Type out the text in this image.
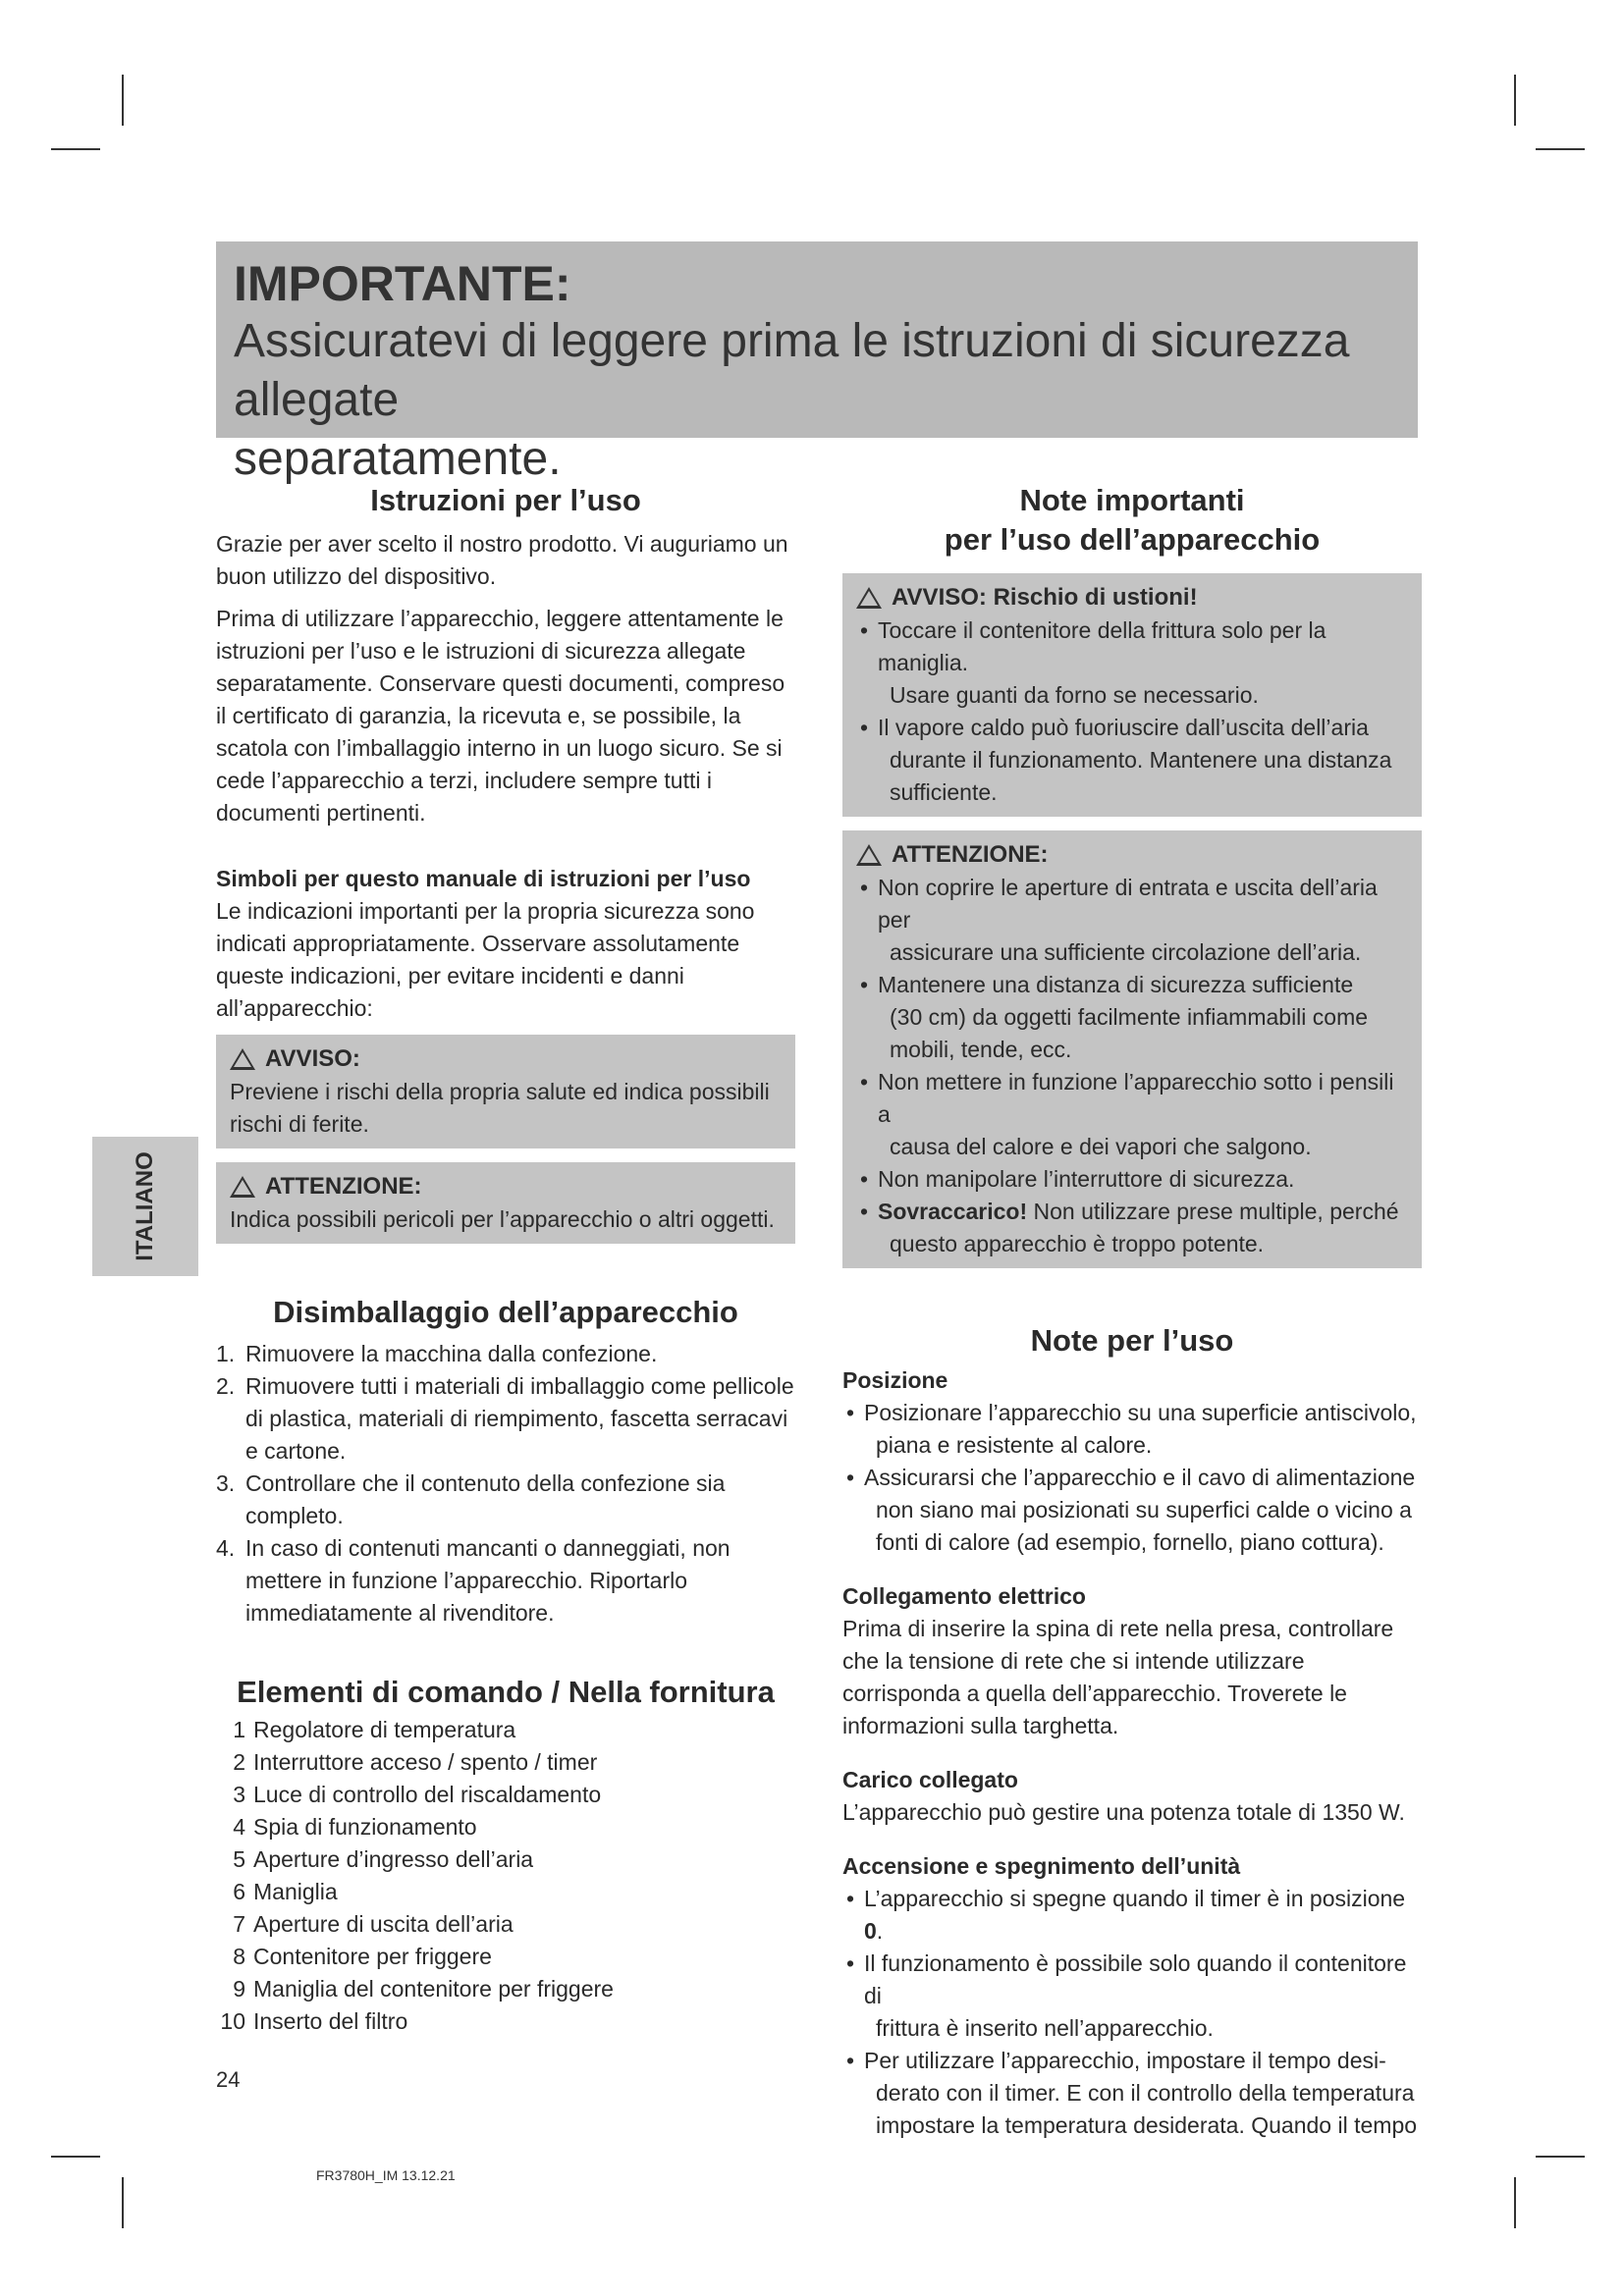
IMPORTANTE:
Assicuratevi di leggere prima le istruzioni di sicurezza allegate
separatamente.
ITALIANO
Istruzioni per l’uso

Grazie per aver scelto il nostro prodotto. Vi auguriamo un buon utilizzo del dispositivo.

Prima di utilizzare l’apparecchio, leggere attentamente le istruzioni per l’uso e le istruzioni di sicurezza allegate separatamente. Conservare questi documenti, compreso il certificato di garanzia, la ricevuta e, se possibile, la scatola con l’imballaggio interno in un luogo sicuro. Se si cede l’apparecchio a terzi, includere sempre tutti i documenti pertinenti.

Simboli per questo manuale di istruzioni per l’uso

Le indicazioni importanti per la propria sicurezza sono indicati appropriatamente. Osservare assolutamente queste indicazioni, per evitare incidenti e danni all’apparecchio:

AVVISO:

Previene i rischi della propria salute ed indica possibili rischi di ferite.

ATTENZIONE:

Indica possibili pericoli per l’apparecchio o altri oggetti.

Disimballaggio dell’apparecchio
1. Rimuovere la macchina dalla confezione.
2. Rimuovere tutti i materiali di imballaggio come pellicole di plastica, materiali di riempimento, fascetta serracavi e cartone.
3. Controllare che il contenuto della confezione sia completo.
4. In caso di contenuti mancanti o danneggiati, non mettere in funzione l’apparecchio. Riportarlo immediatamente al rivenditore.
Elementi di comando / Nella fornitura
1 Regolatore di temperatura
2 Interruttore acceso / spento / timer
3 Luce di controllo del riscaldamento
4 Spia di funzionamento
5 Aperture d’ingresso dell’aria
6 Maniglia
7 Aperture di uscita dell’aria
8 Contenitore per friggere
9 Maniglia del contenitore per friggere
10 Inserto del filtro
Note importanti
per l’uso dell’apparecchio
AVVISO: Rischio di ustioni!
• Toccare il contenitore della frittura solo per la maniglia.
Usare guanti da forno se necessario.
• Il vapore caldo può fuoriuscire dall’uscita dell’aria
durante il funzionamento. Mantenere una distanza sufficiente.
ATTENZIONE:
• Non coprire le aperture di entrata e uscita dell’aria per
assicurare una sufficiente circolazione dell’aria.
• Mantenere una distanza di sicurezza sufficiente
(30 cm) da oggetti facilmente infiammabili come mobili, tende, ecc.
• Non mettere in funzione l’apparecchio sotto i pensili a
causa del calore e dei vapori che salgono.
• Non manipolare l’interruttore di sicurezza.
• Sovraccarico! Non utilizzare prese multiple, perché
questo apparecchio è troppo potente.
Note per l’uso
Posizione
• Posizionare l’apparecchio su una superficie antiscivolo,
piana e resistente al calore.
• Assicurarsi che l’apparecchio e il cavo di alimentazione
non siano mai posizionati su superfici calde o vicino a fonti di calore (ad esempio, fornello, piano cottura).
Collegamento elettrico

Prima di inserire la spina di rete nella presa, controllare che la tensione di rete che si intende utilizzare corrisponda a quella dell’apparecchio. Troverete le informazioni sulla targhetta.

Carico collegato

L’apparecchio può gestire una potenza totale di 1350 W.

Accensione e spegnimento dell’unità
• L’apparecchio si spegne quando il timer è in posizione 0.
• Il funzionamento è possibile solo quando il contenitore di
frittura è inserito nell’apparecchio.
• Per utilizzare l’apparecchio, impostare il tempo desi-
derato con il timer. E con il controllo della temperatura impostare la temperatura desiderata. Quando il tempo
24
FR3780H_IM 13.12.21
